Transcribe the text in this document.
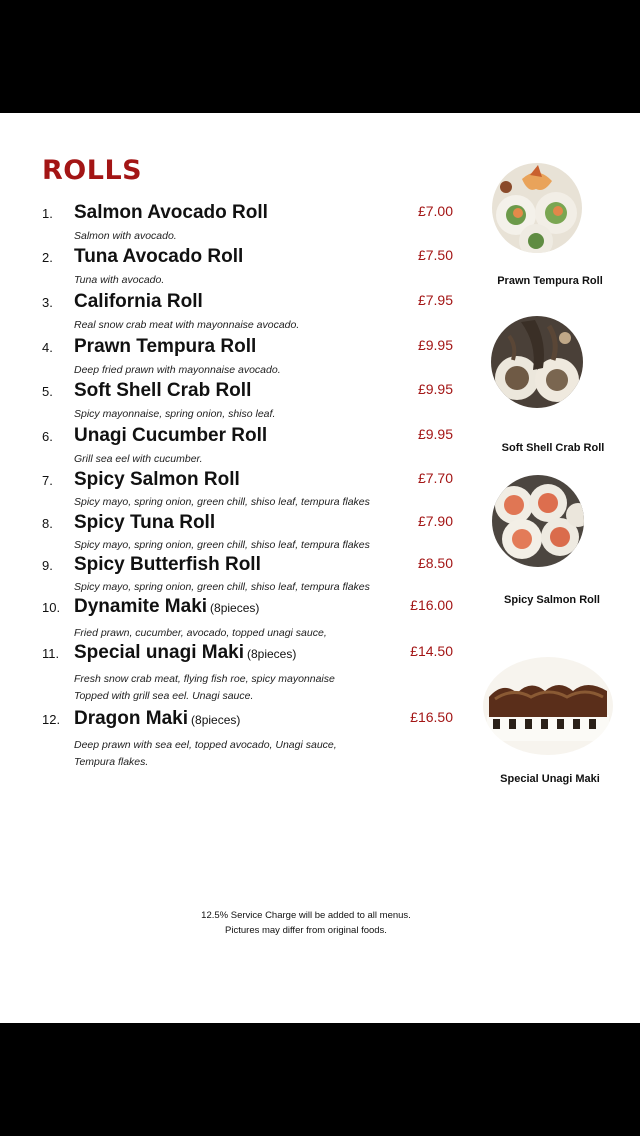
ROLLS
1. Salmon Avocado Roll	£7.00
Salmon with avocado.
2. Tuna Avocado Roll	£7.50
Tuna with avocado.
3. California Roll	£7.95
Real snow crab meat with mayonnaise avocado.
4. Prawn Tempura Roll	£9.95
Deep fried prawn with mayonnaise avocado.
5. Soft Shell Crab Roll	£9.95
Spicy mayonnaise, spring onion, shiso leaf.
6. Unagi Cucumber Roll	£9.95
Grill sea eel with cucumber.
7. Spicy Salmon Roll	£7.70
Spicy mayo, spring onion, green chill, shiso leaf, tempura flakes
8. Spicy Tuna Roll	£7.90
Spicy mayo, spring onion, green chill, shiso leaf, tempura flakes
9. Spicy Butterfish Roll	£8.50
Spicy mayo, spring onion, green chill, shiso leaf, tempura flakes
10. Dynamite Maki (8pieces)	£16.00
Fried prawn, cucumber, avocado, topped unagi sauce,
11. Special unagi Maki (8pieces)	£14.50
Fresh snow crab meat, flying fish roe, spicy mayonnaise
Topped with grill sea eel. Unagi sauce.
12. Dragon Maki (8pieces)	£16.50
Deep prawn with sea eel, topped avocado, Unagi sauce,
Tempura flakes.
Prawn Tempura Roll
Soft Shell Crab Roll
Spicy Salmon Roll
Special Unagi Maki
12.5% Service Charge will be added to all menus.
Pictures may differ from original foods.
